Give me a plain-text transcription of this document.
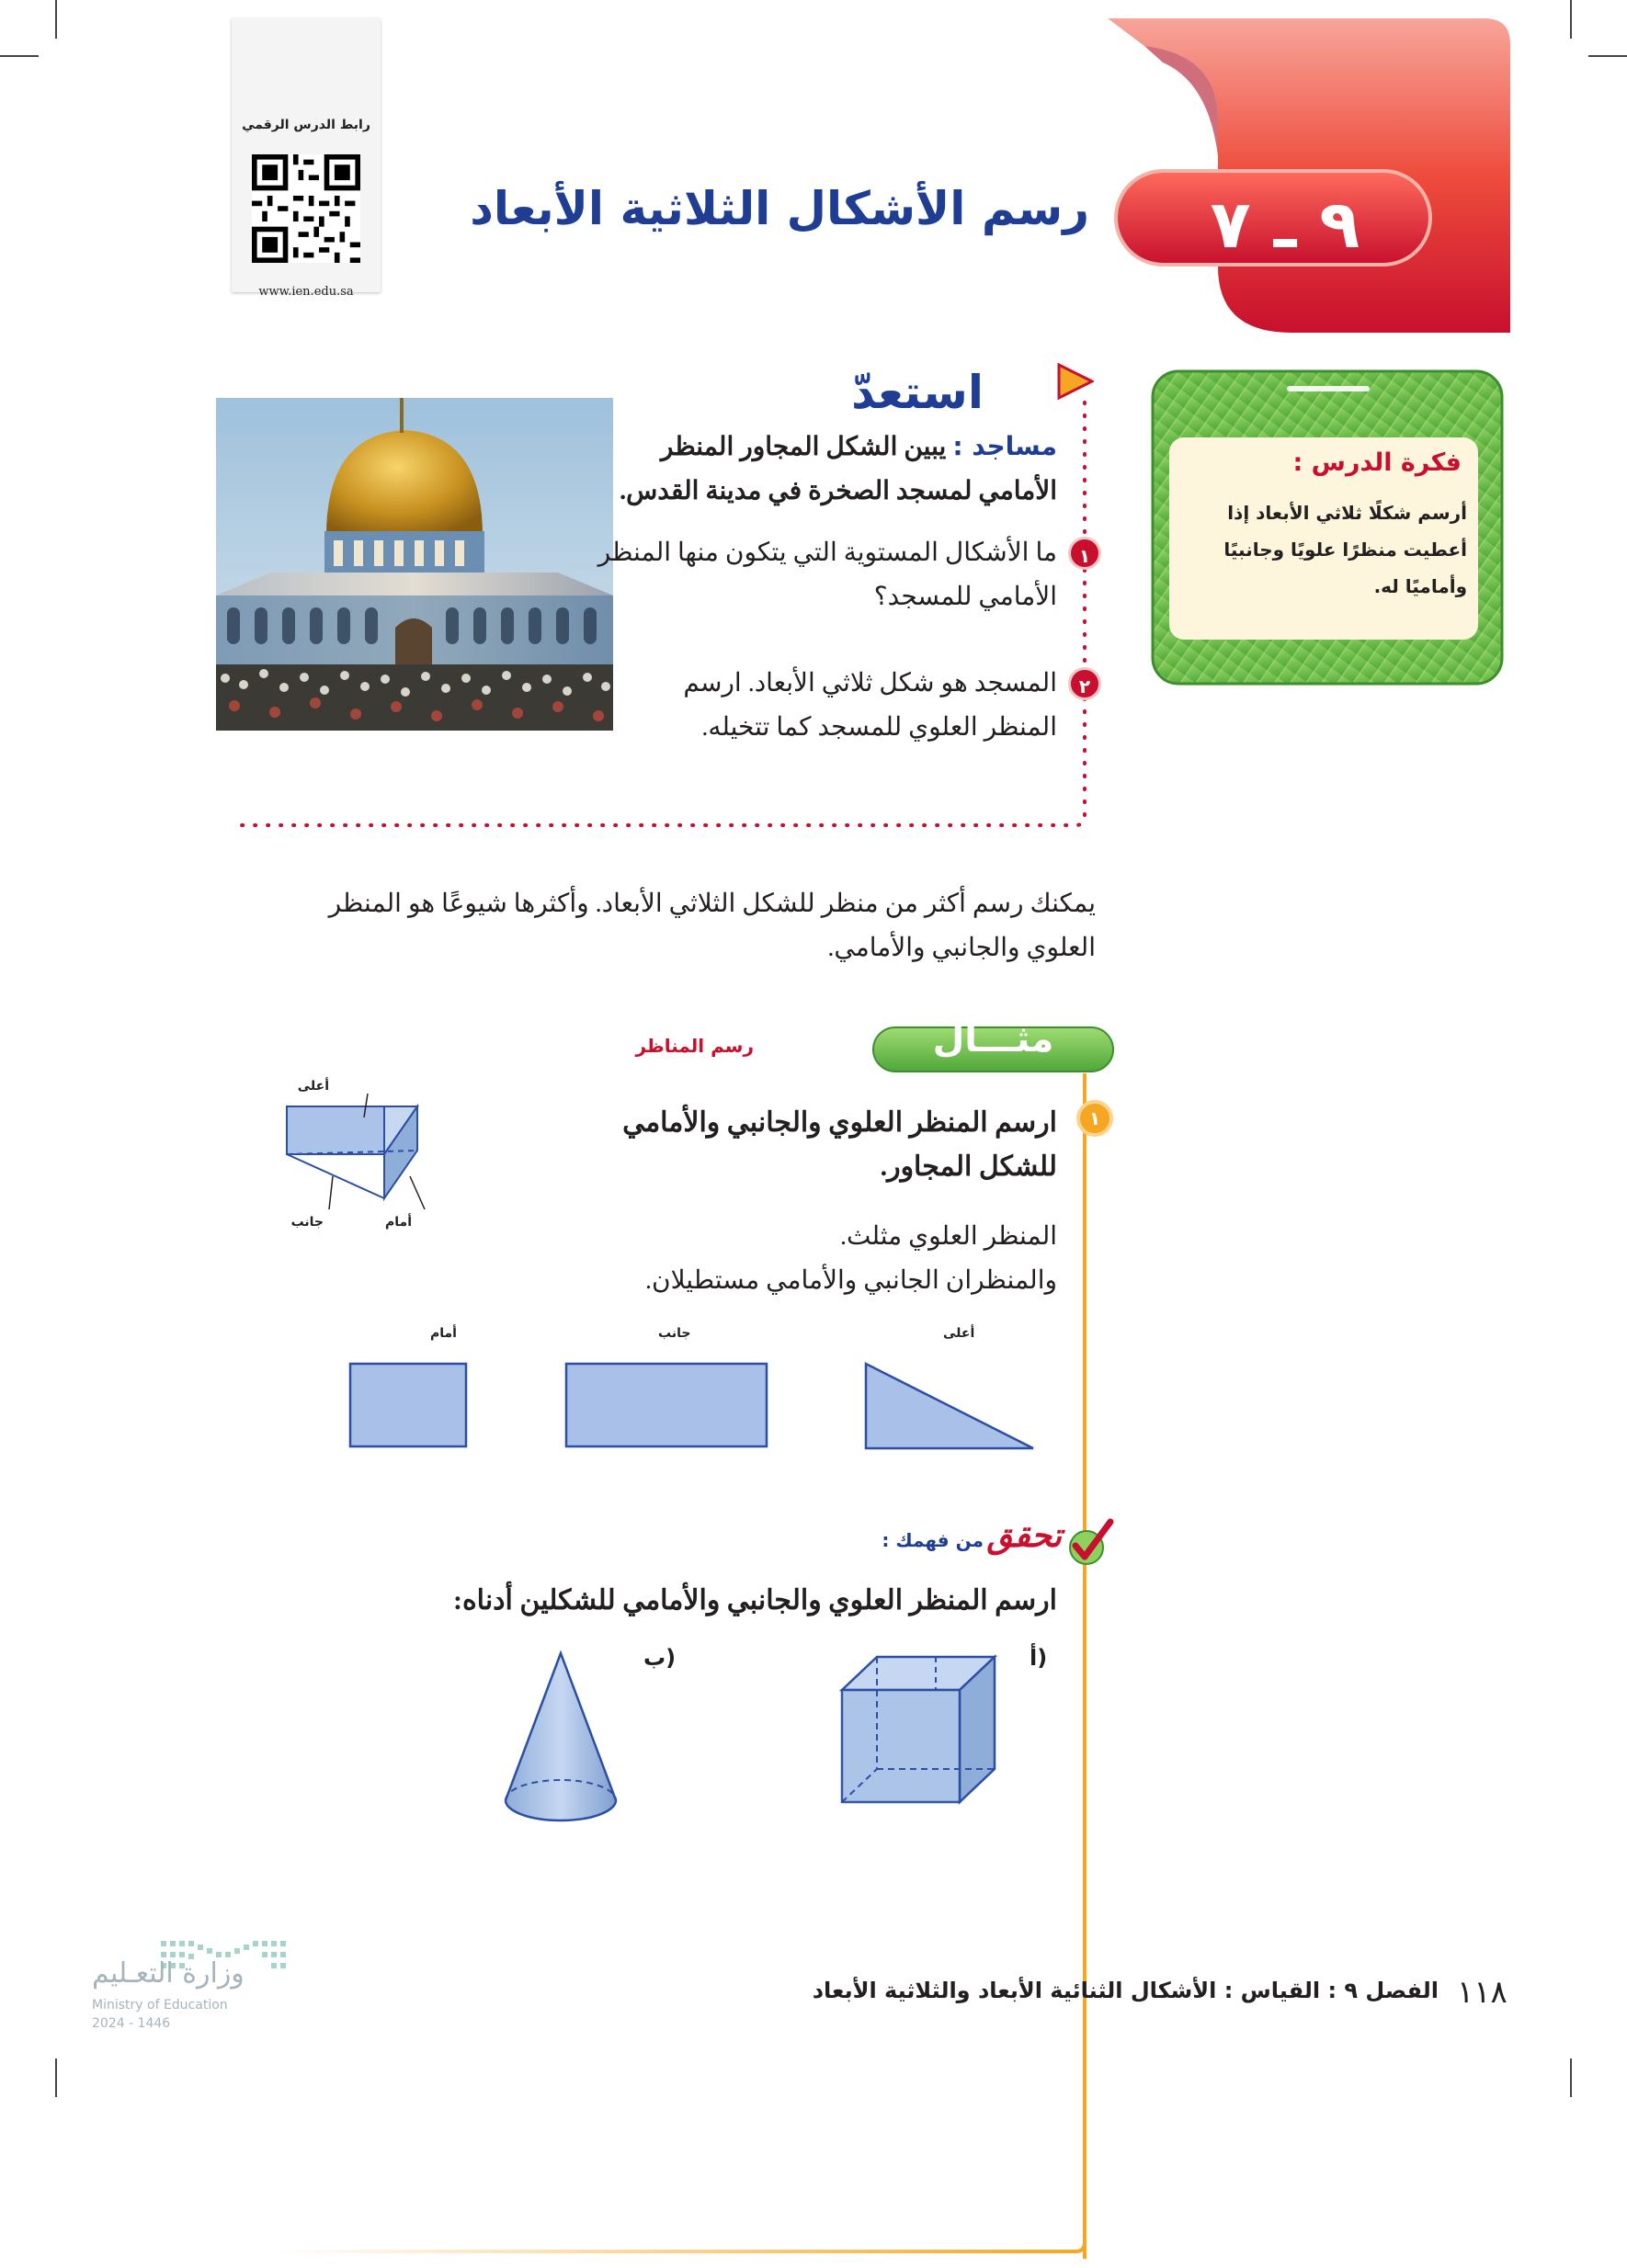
رابط الدرس الرقمي
www.ien.edu.sa
٩ ـ ٧
رسم الأشكال الثلاثية الأبعاد
فكرة الدرس :
أرسم شكلًا ثلاثي الأبعاد إذا أعطيت منظرًا علويًا وجانبيًا وأماميًا له.
استعدّ
مساجد : يبين الشكل المجاور المنظر الأمامي لمسجد الصخرة في مدينة القدس.
١
ما الأشكال المستوية التي يتكون منها المنظر الأمامي للمسجد؟
٢
المسجد هو شكل ثلاثي الأبعاد. ارسم المنظر العلوي للمسجد كما تتخيله.
يمكنك رسم أكثر من منظر للشكل الثلاثي الأبعاد. وأكثرها شيوعًا هو المنظر العلوي والجانبي والأمامي.
مثـــال
رسم المناظر
١
ارسم المنظر العلوي والجانبي والأمامي للشكل المجاور.
المنظر العلوي مثلث.
والمنظران الجانبي والأمامي مستطيلان.
أعلى
جانب	أمام
أعلى
جانب
أمام
تحقق
من فهمك :
ارسم المنظر العلوي والجانبي والأمامي للشكلين أدناه:
أ)
ب)
وزارة التعـليم
Ministry of Education
2024 - 1446
١١٨
الفصل ٩ : القياس : الأشكال الثنائية الأبعاد والثلاثية الأبعاد
